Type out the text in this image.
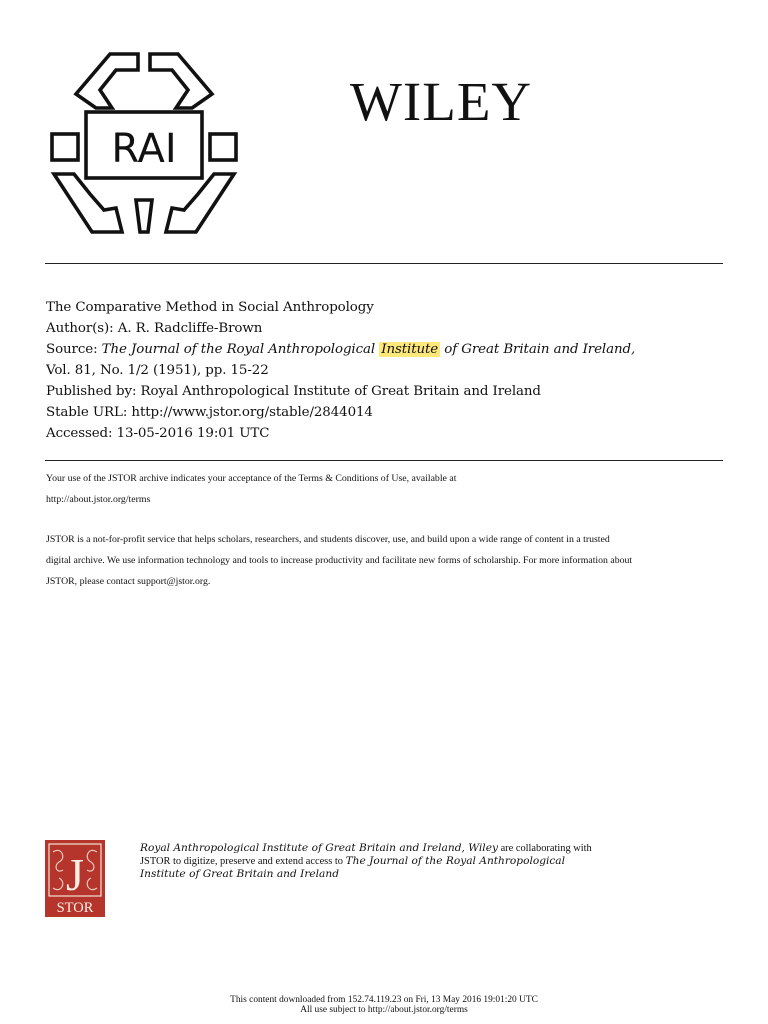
RAI
WILEY
The Comparative Method in Social Anthropology
Author(s): A. R. Radcliffe-Brown
Source: The Journal of the Royal Anthropological Institute of Great Britain and Ireland,
Vol. 81, No. 1/2 (1951), pp. 15-22
Published by: Royal Anthropological Institute of Great Britain and Ireland
Stable URL: http://www.jstor.org/stable/2844014
Accessed: 13-05-2016 19:01 UTC
Your use of the JSTOR archive indicates your acceptance of the Terms & Conditions of Use, available at
http://about.jstor.org/terms
JSTOR is a not-for-profit service that helps scholars, researchers, and students discover, use, and build upon a wide range of content in a trusted
digital archive. We use information technology and tools to increase productivity and facilitate new forms of scholarship. For more information about
JSTOR, please contact support@jstor.org.
J
STOR
Royal Anthropological Institute of Great Britain and Ireland, Wiley are collaborating with
JSTOR to digitize, preserve and extend access to The Journal of the Royal Anthropological
Institute of Great Britain and Ireland
This content downloaded from 152.74.119.23 on Fri, 13 May 2016 19:01:20 UTC
All use subject to http://about.jstor.org/terms
